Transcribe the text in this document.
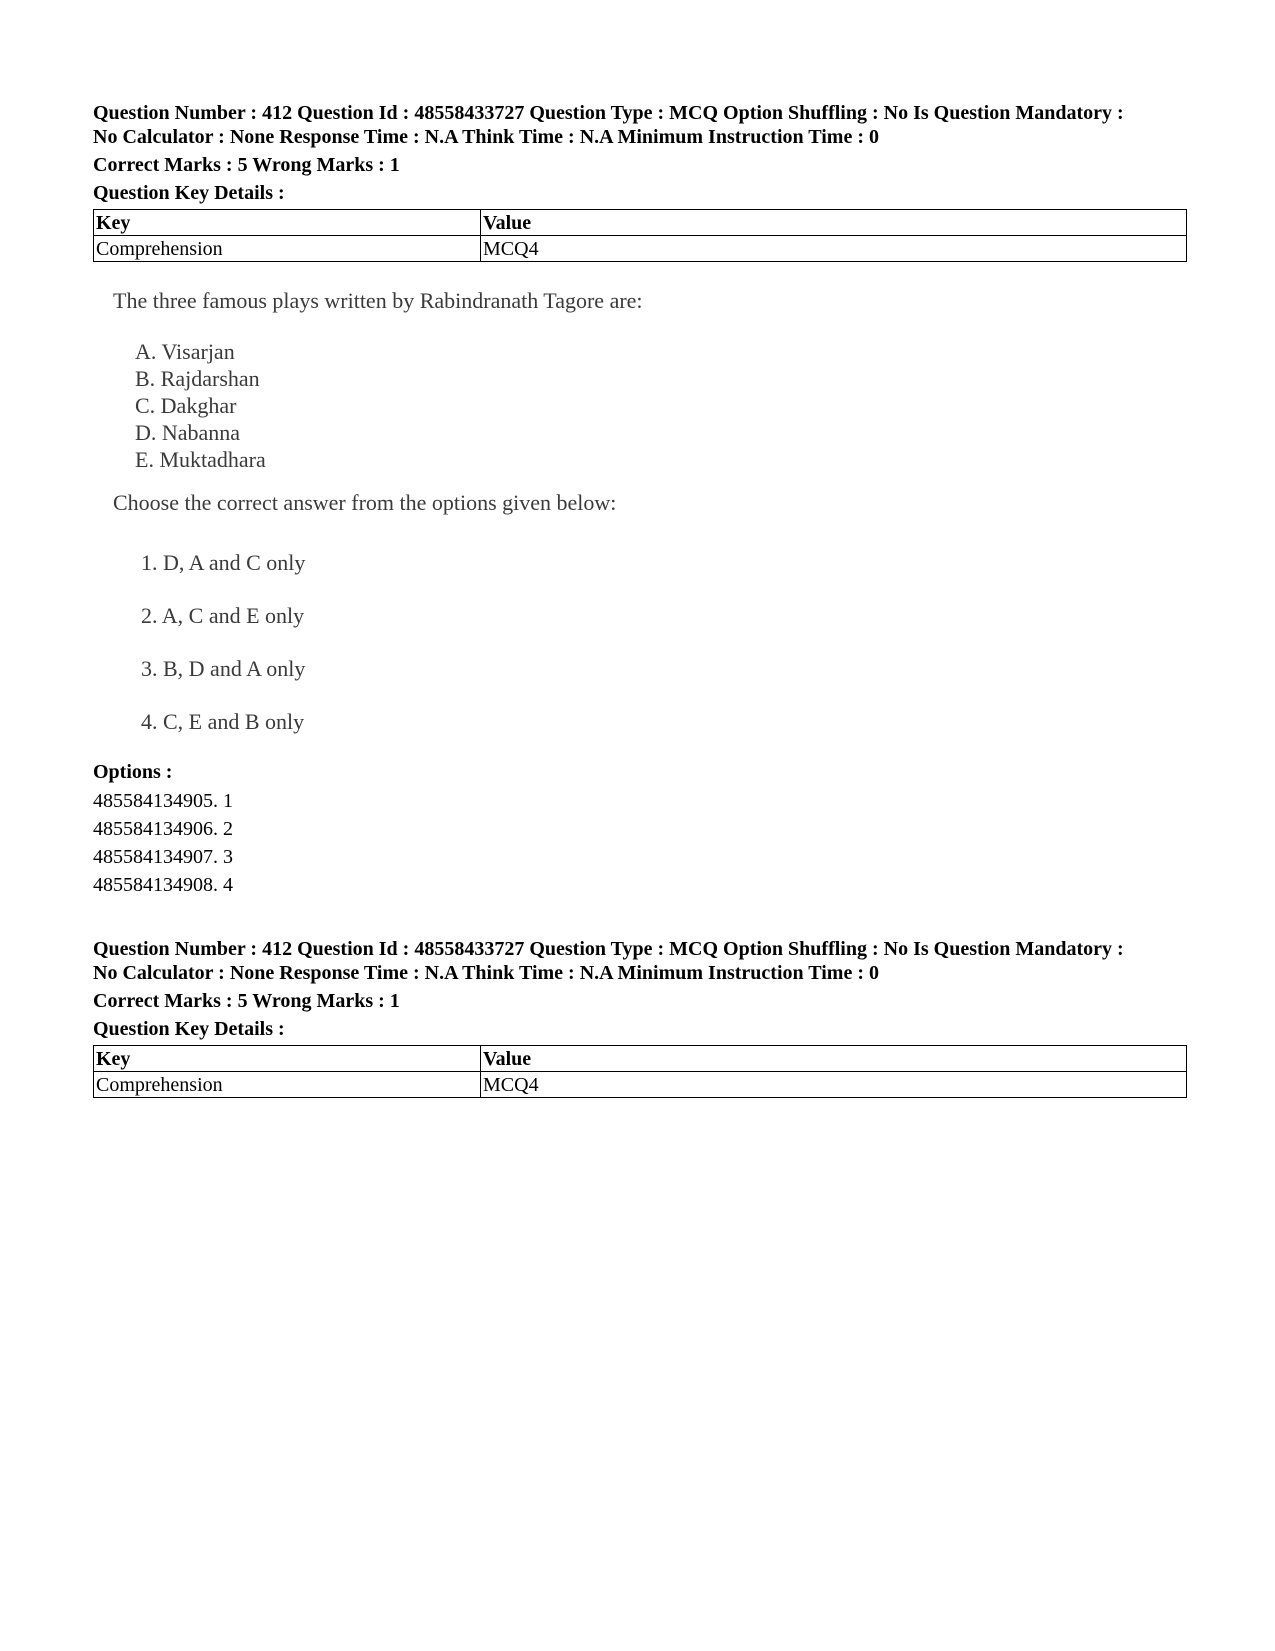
Question Number : 412 Question Id : 48558433727 Question Type : MCQ Option Shuffling : No Is Question Mandatory :
No Calculator : None Response Time : N.A Think Time : N.A Minimum Instruction Time : 0
Correct Marks : 5 Wrong Marks : 1
Question Key Details :
Key	Value
Comprehension	MCQ4
The three famous plays written by Rabindranath Tagore are:
A. Visarjan
B. Rajdarshan
C. Dakghar
D. Nabanna
E. Muktadhara
Choose the correct answer from the options given below:
1. D, A and C only
2. A, C and E only
3. B, D and A only
4. C, E and B only
Options :
485584134905. 1
485584134906. 2
485584134907. 3
485584134908. 4
Question Number : 412 Question Id : 48558433727 Question Type : MCQ Option Shuffling : No Is Question Mandatory :
No Calculator : None Response Time : N.A Think Time : N.A Minimum Instruction Time : 0
Correct Marks : 5 Wrong Marks : 1
Question Key Details :
Key	Value
Comprehension	MCQ4
